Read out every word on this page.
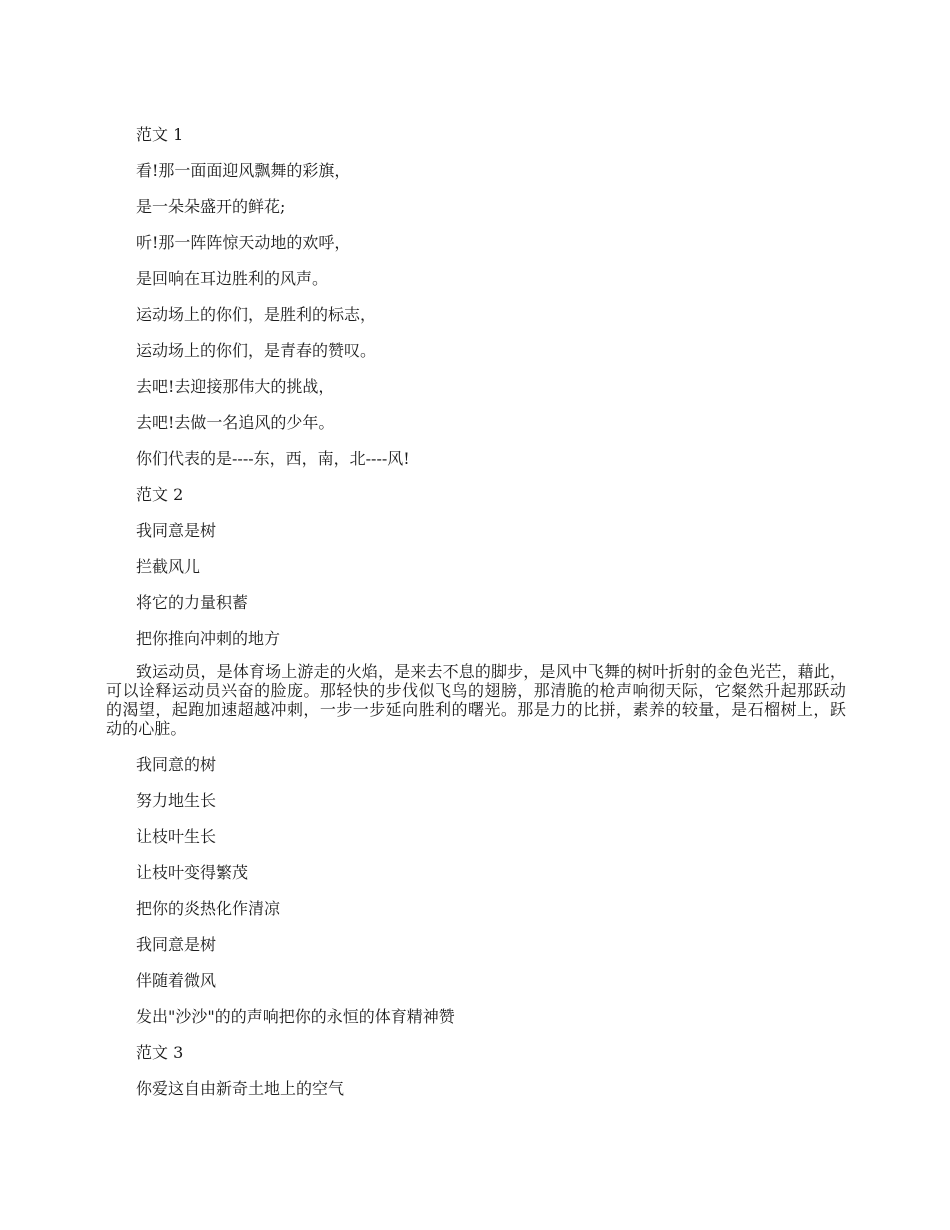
范文 1

看!那一面面迎风飘舞的彩旗，

是一朵朵盛开的鲜花;

听!那一阵阵惊天动地的欢呼，

是回响在耳边胜利的风声。

运动场上的你们，是胜利的标志，

运动场上的你们，是青春的赞叹。

去吧!去迎接那伟大的挑战，

去吧!去做一名追风的少年。

你们代表的是----东，西，南，北----风!

范文 2

我同意是树

拦截风儿

将它的力量积蓄

把你推向冲刺的地方

致运动员，是体育场上游走的火焰，是来去不息的脚步，是风中飞舞的树叶折射的金色光芒，藉此，可以诠释运动员兴奋的脸庞。那轻快的步伐似飞鸟的翅膀，那清脆的枪声响彻天际，它粲然升起那跃动的渴望，起跑加速超越冲刺，一步一步延向胜利的曙光。那是力的比拼，素养的较量，是石榴树上，跃动的心脏。

我同意的树

努力地生长

让枝叶生长

让枝叶变得繁茂

把你的炎热化作清凉

我同意是树

伴随着微风

发出"沙沙"的的声响把你的永恒的体育精神赞

范文 3

你爱这自由新奇土地上的空气
